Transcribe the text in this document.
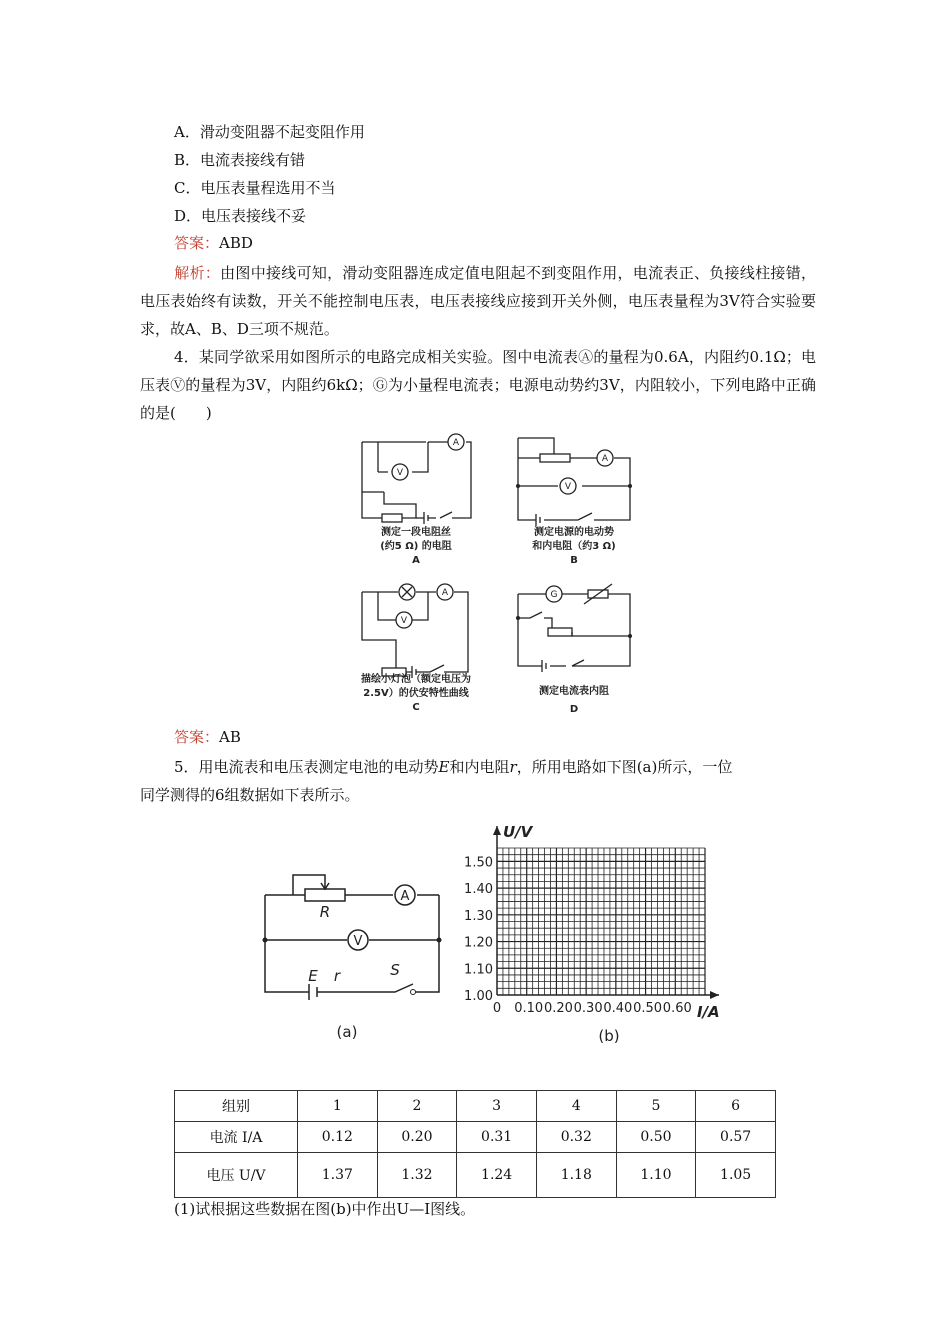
A．滑动变阻器不起变阻作用
B．电流表接线有错
C．电压表量程选用不当
D．电压表接线不妥
答案：ABD
解析：由图中接线可知，滑动变阻器连成定值电阻起不到变阻作用，电流表正、负接线柱接错，电压表始终有读数，开关不能控制电压表，电压表接线应接到开关外侧，电压表量程为3V符合实验要求，故A、B、D三项不规范。
4．某同学欲采用如图所示的电路完成相关实验。图中电流表Ⓐ的量程为0.6A，内阻约0.1Ω；电压表Ⓥ的量程为3V，内阻约6kΩ；Ⓖ为小量程电流表；电源电动势约3V，内阻较小，下列电路中正确的是(　　)
A
V
A
V
A
V
G
测定一段电阻丝
(约5 Ω) 的电阻
A
测定电源的电动势
和内电阻（约3 Ω)
B
描绘小灯泡（额定电压为
2.5V）的伏安特性曲线
C
测定电流表内阻
D
答案：AB
5．用电流表和电压表测定电池的电动势E和内电阻r，所用电路如下图(a)所示，一位
同学测得的6组数据如下表所示。
A
V
R
E r	S
(a)
1.00
1.10
1.20
1.30
1.40
1.50
0 0.10 0.20 0.30 0.40 0.50 0.60
U/V
I/A
(b)
组别	1	2	3	4	5	6
电流 I/A	0.12	0.20	0.31	0.32	0.50	0.57
电压 U/V	1.37	1.32	1.24	1.18	1.10	1.05
(1)试根据这些数据在图(b)中作出U—I图线。
